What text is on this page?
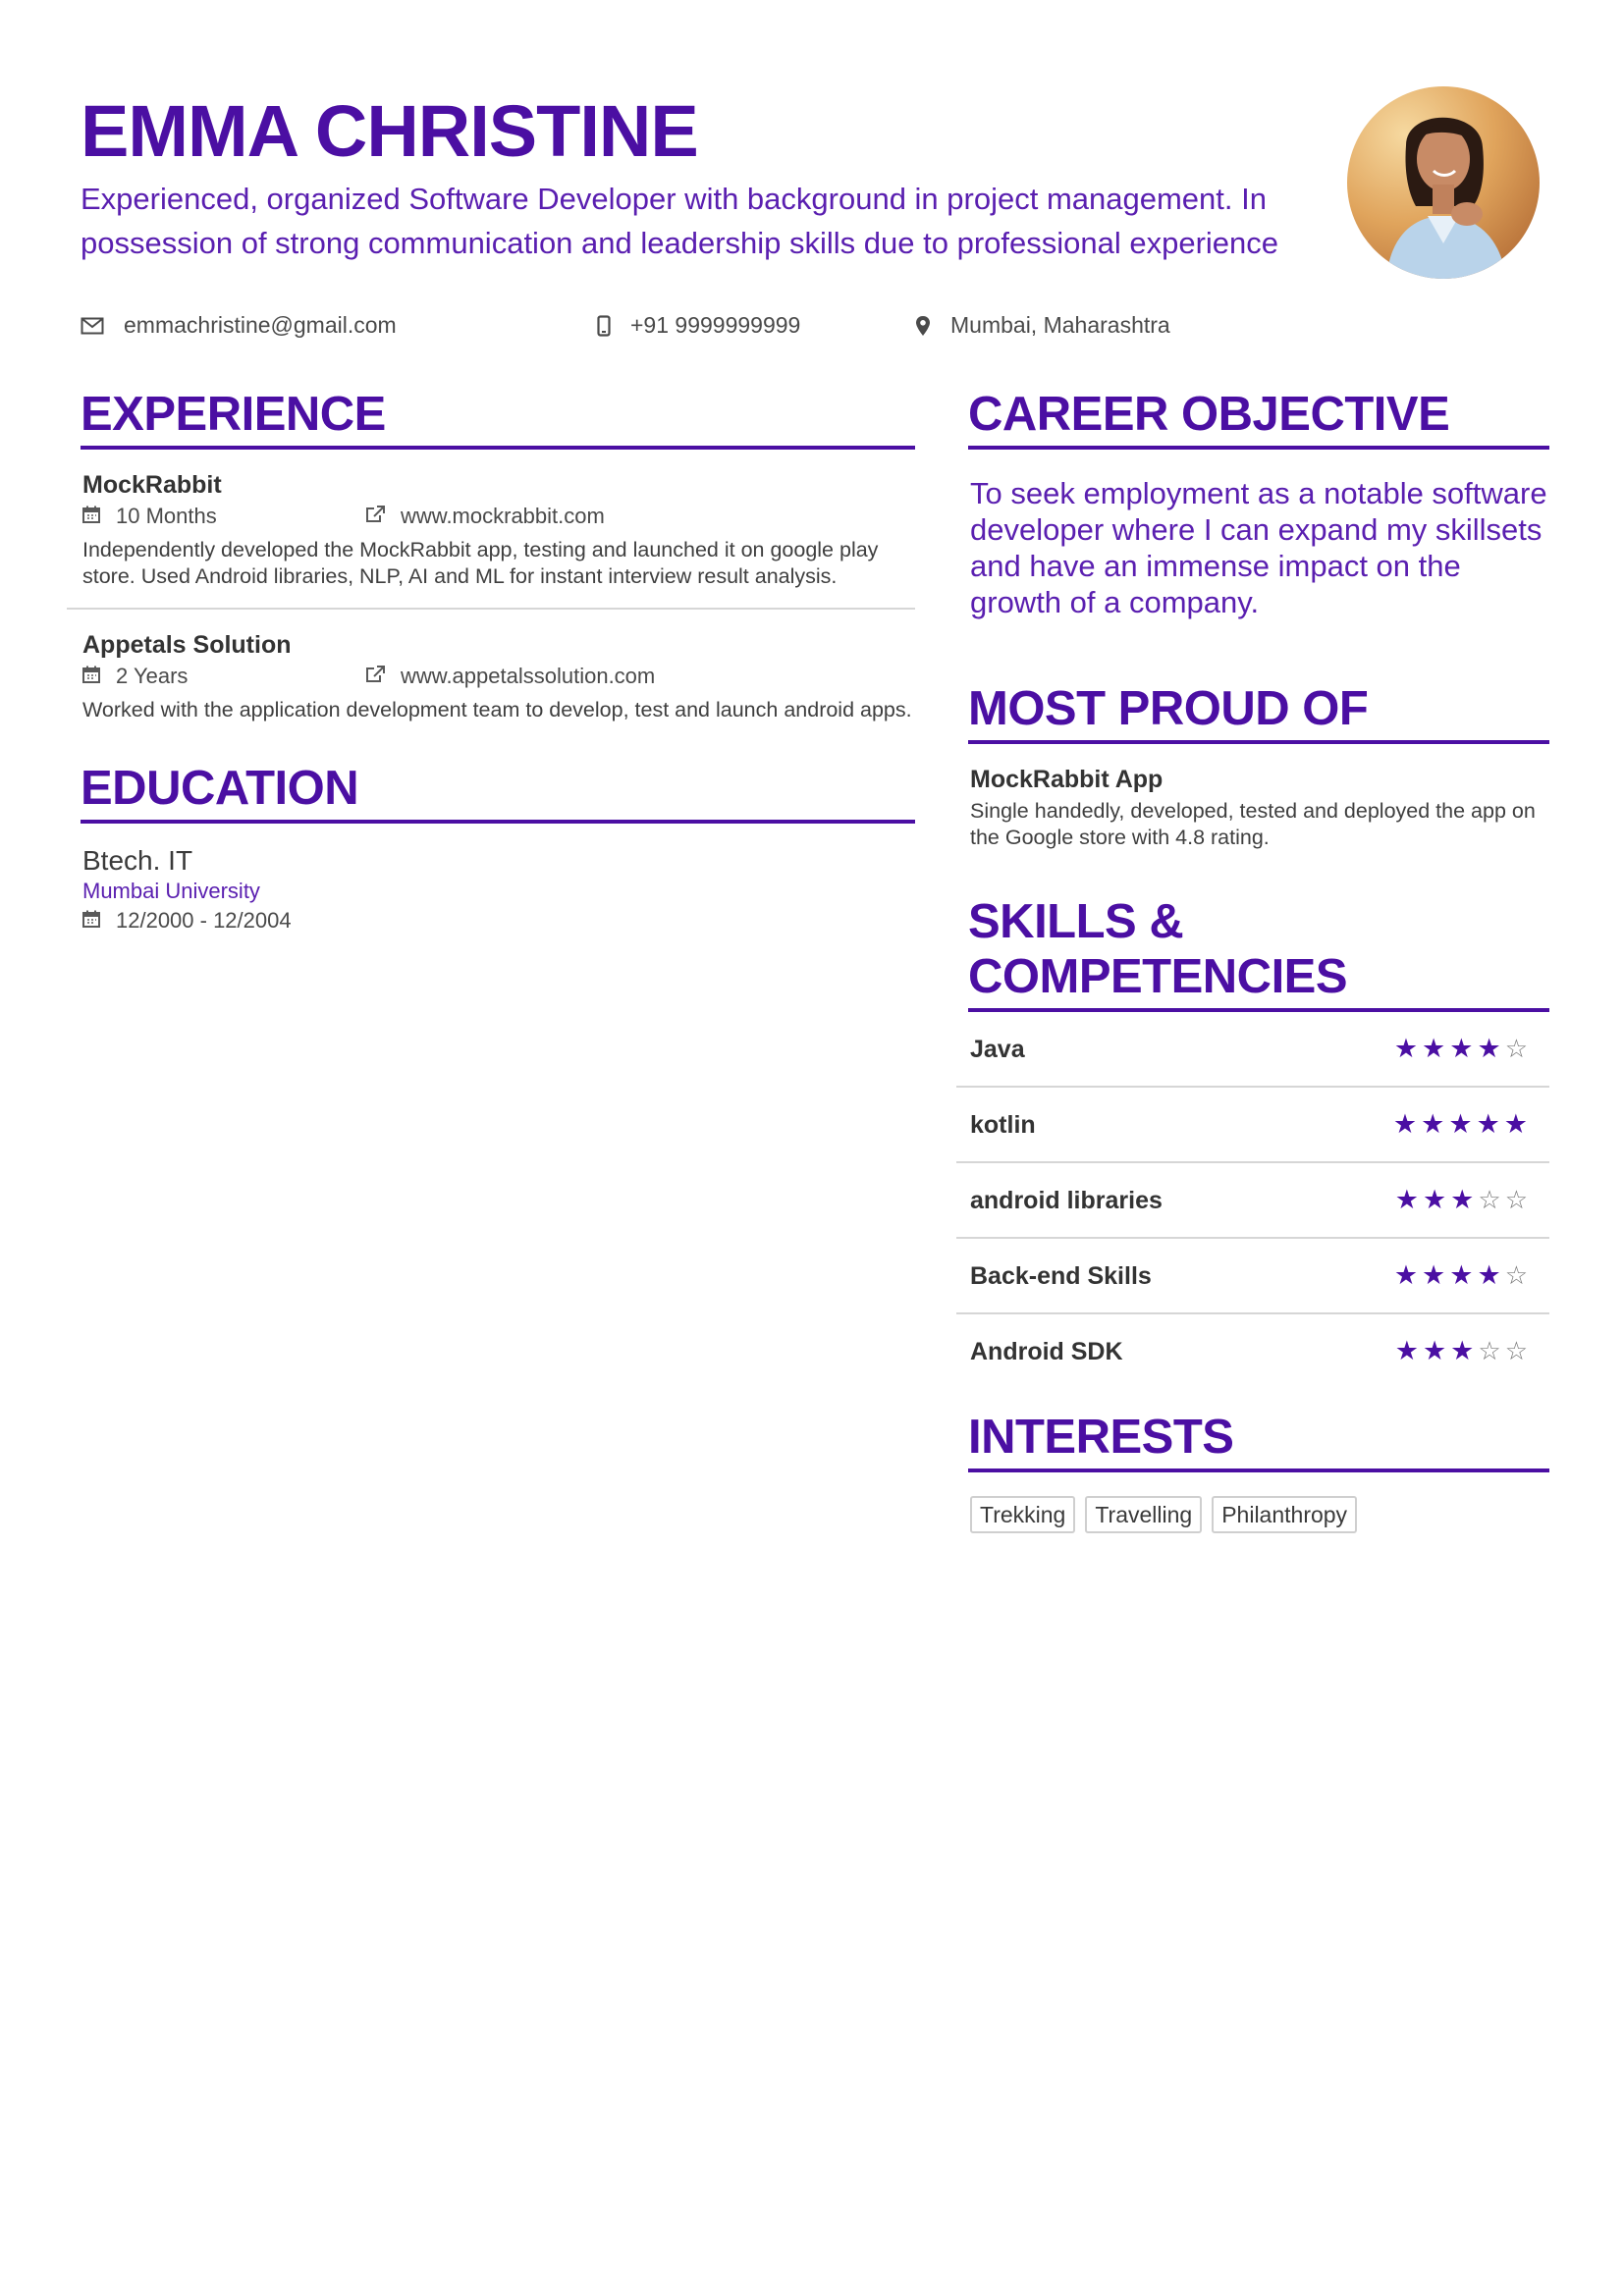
EMMA CHRISTINE
Experienced, organized Software Developer with background in project management. In possession of strong communication and leadership skills due to professional experience
emmachristine@gmail.com	+91 9999999999	Mumbai, Maharashtra
EXPERIENCE
MockRabbit
10 Months	www.mockrabbit.com
Independently developed the MockRabbit app, testing and launched it on google play store. Used Android libraries, NLP, AI and ML for instant interview result analysis.
Appetals Solution
2 Years	www.appetalssolution.com
Worked with the application development team to develop, test and launch android apps.
EDUCATION
Btech. IT
Mumbai University
12/2000 - 12/2004
CAREER OBJECTIVE
To seek employment as a notable software developer where I can expand my skillsets and have an immense impact on the growth of a company.
MOST PROUD OF
MockRabbit App
Single handedly, developed, tested and deployed the app on the Google store with 4.8 rating.
SKILLS & COMPETENCIES
Java	★ ★ ★ ★ ☆
kotlin	★ ★ ★ ★ ★
android libraries	★ ★ ★ ☆ ☆
Back-end Skills	★ ★ ★ ★ ☆
Android SDK	★ ★ ★ ☆ ☆
INTERESTS
Trekking	Travelling	Philanthropy
